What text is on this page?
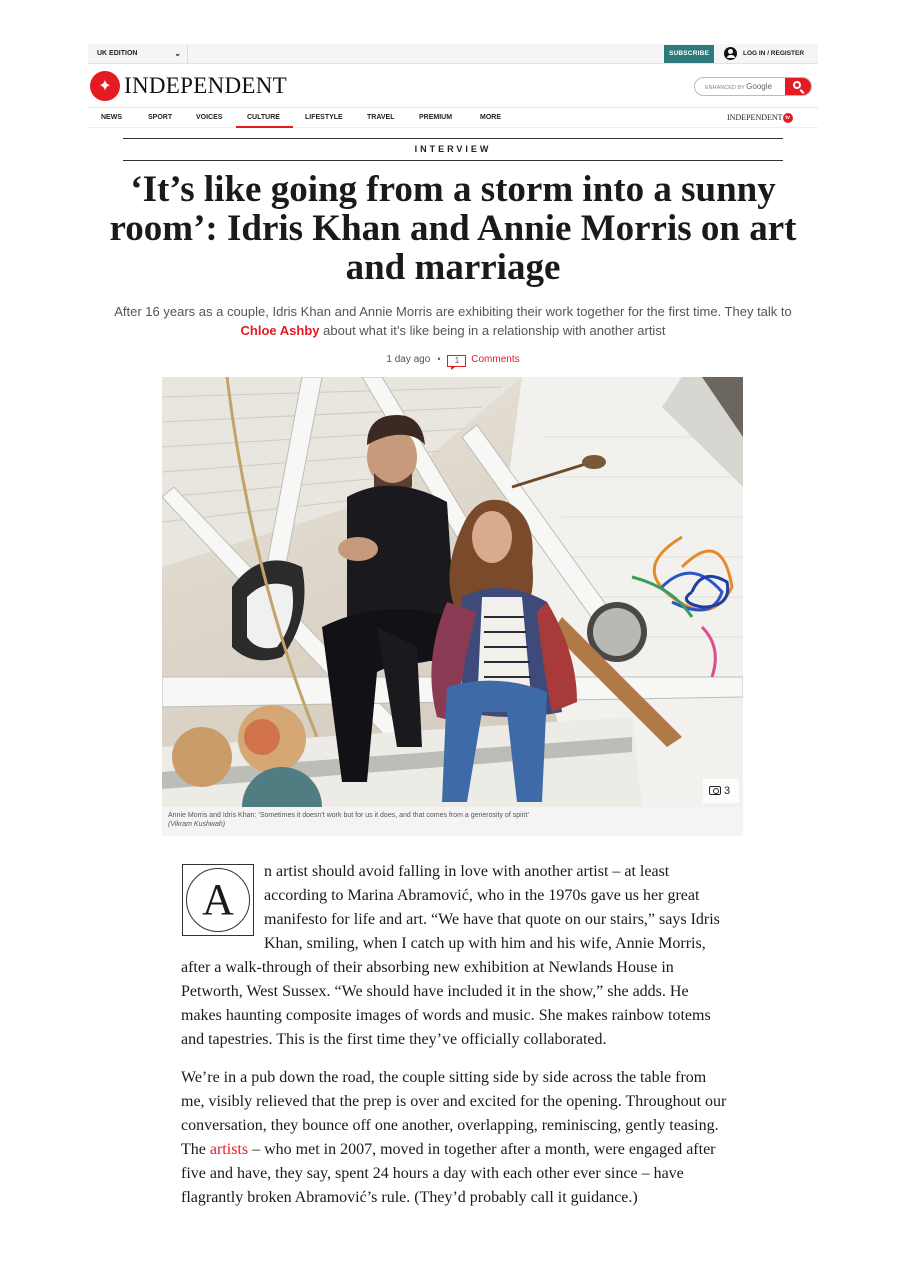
UK EDITION	⌄	SUBSCRIBE	LOG IN / REGISTER
✦ INDEPENDENT	ENHANCED BY Google
NEWS	SPORT	VOICES	CULTURE	LIFESTYLE	TRAVEL	PREMIUM	MORE	INDEPENDENT tv
INTERVIEW
‘It’s like going from a storm into a sunny room’: Idris Khan and Annie Morris on art and marriage
After 16 years as a couple, Idris Khan and Annie Morris are exhibiting their work together for the first time. They talk to Chloe Ashby about what it’s like being in a relationship with another artist
1 day ago • 1 Comments
3
Annie Morris and Idris Khan: ‘Sometimes it doesn’t work but for us it does, and that comes from a generosity of spirit’
(Vikram Kushwah)

A
n artist should avoid falling in love with another artist – at least according to Marina Abramović, who in the 1970s gave us her great manifesto for life and art. “We have that quote on our stairs,” says Idris Khan, smiling, when I catch up with him and his wife, Annie Morris, after a walk-through of their absorbing new exhibition at Newlands House in Petworth, West Sussex. “We should have included it in the show,” she adds. He makes haunting composite images of words and music. She makes rainbow totems and tapestries. This is the first time they’ve officially collaborated.

We’re in a pub down the road, the couple sitting side by side across the table from me, visibly relieved that the prep is over and excited for the opening. Throughout our conversation, they bounce off one another, overlapping, reminiscing, gently teasing. The artists – who met in 2007, moved in together after a month, were engaged after five and have, they say, spent 24 hours a day with each other ever since – have flagrantly broken Abramović’s rule. (They’d probably call it guidance.)
